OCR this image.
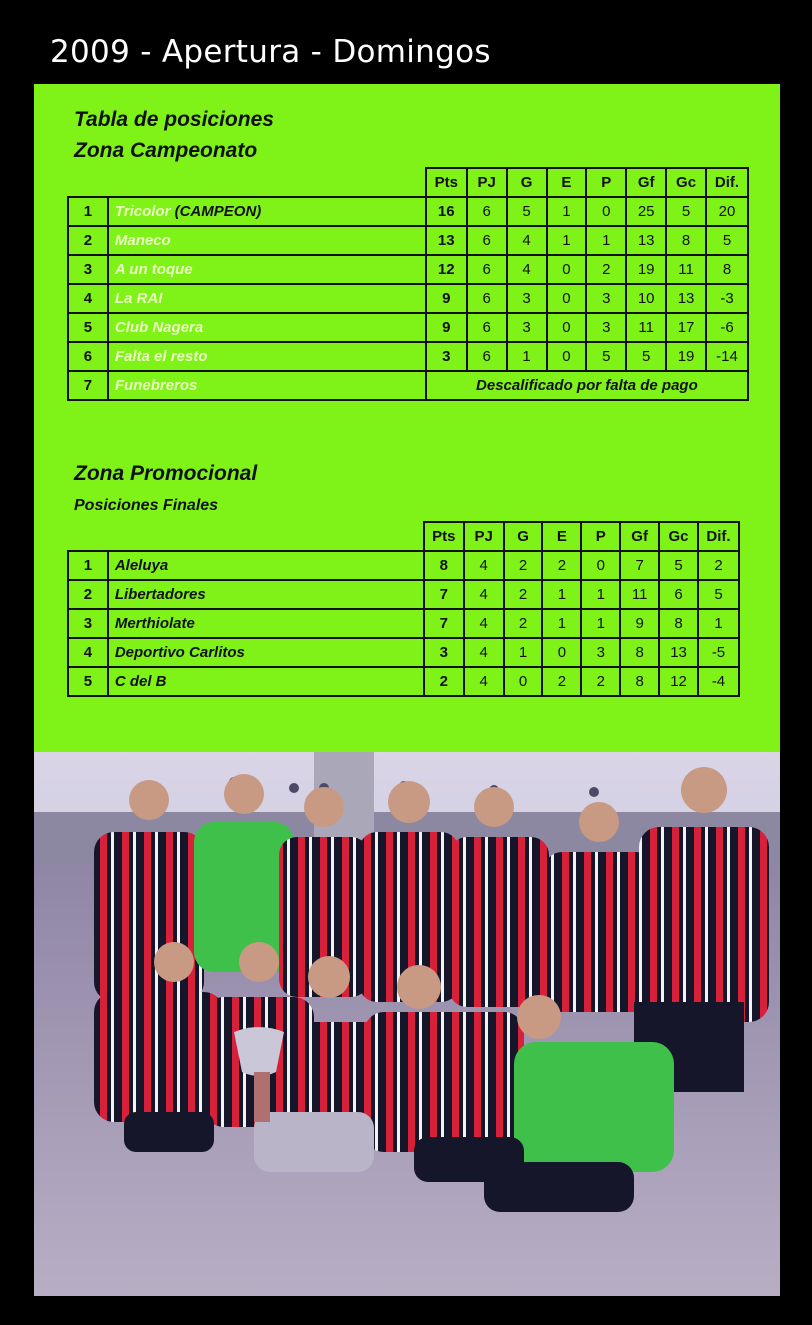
2009 - Apertura - Domingos
Tabla de posiciones
Zona Campeonato
		Pts	PJ	G	E	P	Gf	Gc	Dif.
1	Tricolor (CAMPEON)	16	6	5	1	0	25	5	20
2	Maneco	13	6	4	1	1	13	8	5
3	A un toque	12	6	4	0	2	19	11	8
4	La RAI	9	6	3	0	3	10	13	-3
5	Club Nagera	9	6	3	0	3	11	17	-6
6	Falta el resto	3	6	1	0	5	5	19	-14
7	Funebreros	Descalificado por falta de pago							
Zona Promocional
Posiciones Finales
		Pts	PJ	G	E	P	Gf	Gc	Dif.
1	Aleluya	8	4	2	2	0	7	5	2
2	Libertadores	7	4	2	1	1	11	6	5
3	Merthiolate	7	4	2	1	1	9	8	1
4	Deportivo Carlitos	3	4	1	0	3	8	13	-5
5	C del B	2	4	0	2	2	8	12	-4
